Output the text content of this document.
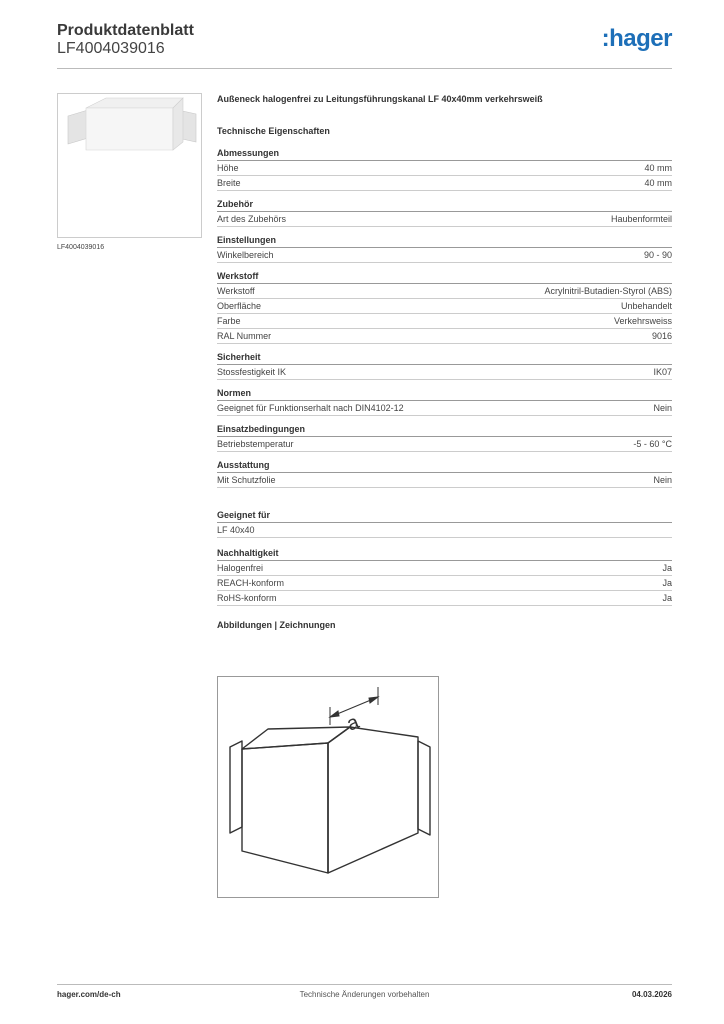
Produktdatenblatt
LF4004039016	:hager
LF4004039016
Außeneck halogenfrei zu Leitungsführungskanal LF 40x40mm verkehrsweiß
Technische Eigenschaften
Abmessungen
Höhe	40 mm
Breite	40 mm
Zubehör
Art des Zubehörs	Haubenformteil
Einstellungen
Winkelbereich	90 - 90
Werkstoff
Werkstoff	Acrylnitril-Butadien-Styrol (ABS)
Oberfläche	Unbehandelt
Farbe	Verkehrsweiss
RAL Nummer	9016
Sicherheit
Stossfestigkeit IK	IK07
Normen
Geeignet für Funktionserhalt nach DIN4102-12	Nein
Einsatzbedingungen
Betriebstemperatur	-5 - 60 °C
Ausstattung
Mit Schutzfolie	Nein
Geeignet für
LF 40x40
Nachhaltigkeit
Halogenfrei	Ja
REACH-konform	Ja
RoHS-konform	Ja
Abbildungen | Zeichnungen
a
hager.com/de-ch	Technische Änderungen vorbehalten	04.03.2026
